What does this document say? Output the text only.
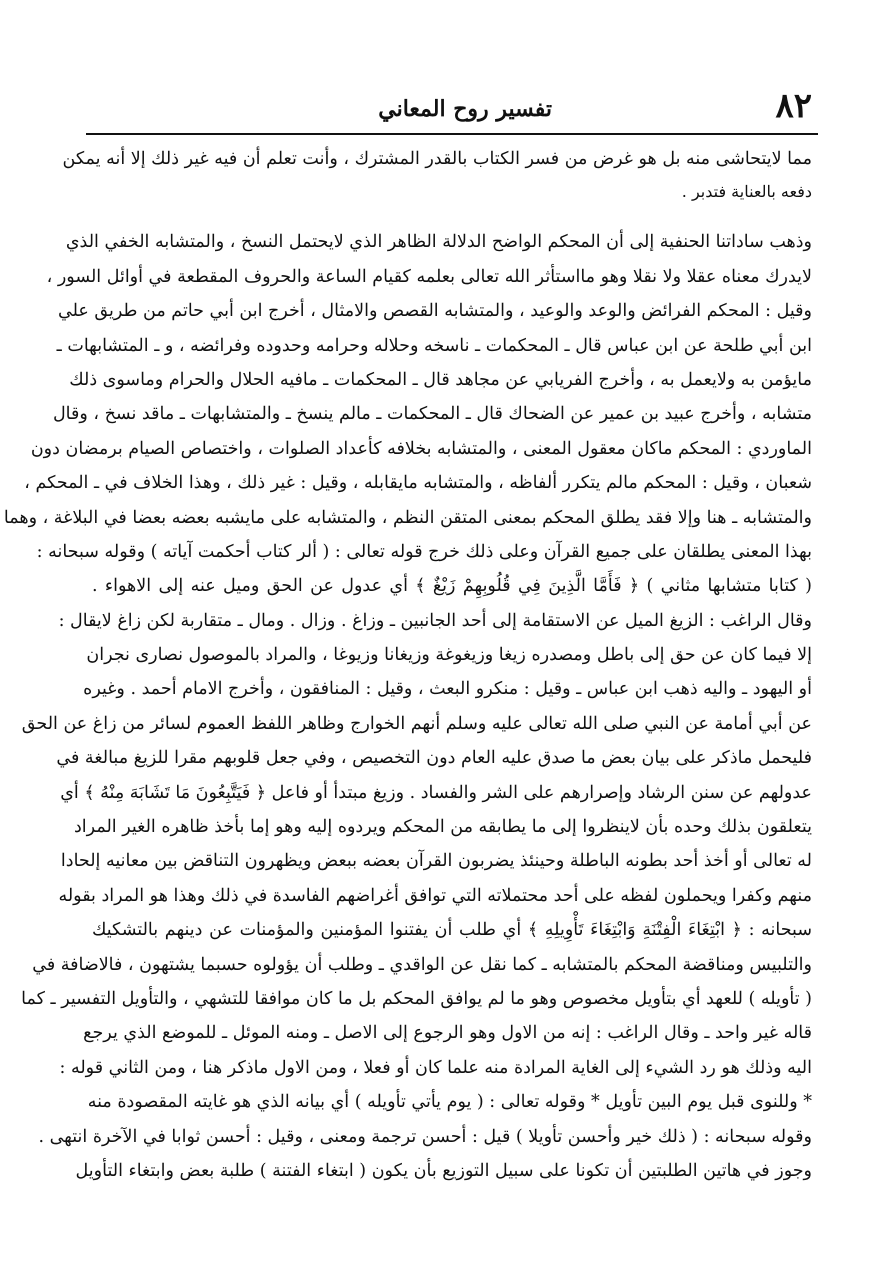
٨٢
تفسير روح المعاني
مما لايتحاشى منه بل هو غرض من فسر الكتاب بالقدر المشترك ، وأنت تعلم أن فيه غير ذلك إلا أنه يمكن
دفعه بالعناية فتدبر .
وذهب ساداتنا الحنفية إلى أن المحكم الواضح الدلالة الظاهر الذي لايحتمل النسخ ، والمتشابه الخفي الذي
لايدرك معناه عقلا ولا نقلا وهو مااستأثر الله تعالى بعلمه كقيام الساعة والحروف المقطعة في أوائل السور ،
وقيل : المحكم الفرائض والوعد والوعيد ، والمتشابه القصص والامثال ، أخرج ابن أبي حاتم من طريق علي
ابن أبي طلحة عن ابن عباس قال ـ المحكمات ـ ناسخه وحلاله وحرامه وحدوده وفرائضه ، و ـ المتشابهات ـ
مايؤمن به ولايعمل به ، وأخرج الفريابي عن مجاهد قال ـ المحكمات ـ مافيه الحلال والحرام وماسوى ذلك
متشابه ، وأخرج عبيد بن عمير عن الضحاك قال ـ المحكمات ـ مالم ينسخ ـ والمتشابهات ـ ماقد نسخ ، وقال
الماوردي : المحكم ماكان معقول المعنى ، والمتشابه بخلافه كأعداد الصلوات ، واختصاص الصيام برمضان دون
شعبان ، وقيل : المحكم مالم يتكرر ألفاظه ، والمتشابه مايقابله ، وقيل : غير ذلك ، وهذا الخلاف في ـ المحكم ،
والمتشابه ـ هنا وإلا فقد يطلق المحكم بمعنى المتقن النظم ، والمتشابه على مايشبه بعضه بعضا في البلاغة ، وهما
بهذا المعنى يطلقان على جميع القرآن وعلى ذلك خرج قوله تعالى : ( ألر كتاب أحكمت آياته ) وقوله سبحانه :
( كتابا متشابها مثاني ) ﴿ فَأَمَّا الَّذِينَ فِي قُلُوبِهِمْ زَيْغٌ ﴾ أي عدول عن الحق وميل عنه إلى الاهواء .
وقال الراغب : الزيغ الميل عن الاستقامة إلى أحد الجانبين ـ وزاغ . وزال . ومال ـ متقاربة لكن زاغ لايقال :
إلا فيما كان عن حق إلى باطل ومصدره زيغا وزيغوغة وزيغانا وزيوغا ، والمراد بالموصول نصارى نجران
أو اليهود ـ واليه ذهب ابن عباس ـ وقيل : منكرو البعث ، وقيل : المنافقون ، وأخرج الامام أحمد . وغيره
عن أبي أمامة عن النبي صلى الله تعالى عليه وسلم أنهم الخوارج وظاهر اللفظ العموم لسائر من زاغ عن الحق
فليحمل ماذكر على بيان بعض ما صدق عليه العام دون التخصيص ، وفي جعل قلوبهم مقرا للزيغ مبالغة في
عدولهم عن سنن الرشاد وإصرارهم على الشر والفساد . وزيغ مبتدأ أو فاعل ﴿ فَيَتَّبِعُونَ مَا تَشَابَهَ مِنْهُ ﴾ أي
يتعلقون بذلك وحده بأن لاينظروا إلى ما يطابقه من المحكم ويردوه إليه وهو إما بأخذ ظاهره الغير المراد
له تعالى أو أخذ أحد بطونه الباطلة وحينئذ يضربون القرآن بعضه ببعض ويظهرون التناقض بين معانيه إلحادا
منهم وكفرا ويحملون لفظه على أحد محتملاته التي توافق أغراضهم الفاسدة في ذلك وهذا هو المراد بقوله
سبحانه : ﴿ ابْتِغَاءَ الْفِتْنَةِ وَابْتِغَاءَ تَأْوِيلِهِ ﴾ أي طلب أن يفتنوا المؤمنين والمؤمنات عن دينهم بالتشكيك
والتلبيس ومناقضة المحكم بالمتشابه ـ كما نقل عن الواقدي ـ وطلب أن يؤولوه حسبما يشتهون ، فالاضافة في
( تأويله ) للعهد أي بتأويل مخصوص وهو ما لم يوافق المحكم بل ما كان موافقا للتشهي ، والتأويل التفسير ـ كما
قاله غير واحد ـ وقال الراغب : إنه من الاول وهو الرجوع إلى الاصل ـ ومنه الموئل ـ للموضع الذي يرجع
اليه وذلك هو رد الشيء إلى الغاية المرادة منه علما كان أو فعلا ، ومن الاول ماذكر هنا ، ومن الثاني قوله :
* وللنوى قبل يوم البين تأويل * وقوله تعالى : ( يوم يأتي تأويله ) أي بيانه الذي هو غايته المقصودة منه
وقوله سبحانه : ( ذلك خير وأحسن تأويلا ) قيل : أحسن ترجمة ومعنى ، وقيل : أحسن ثوابا في الآخرة انتهى .
وجوز في هاتين الطلبتين أن تكونا على سبيل التوزيع بأن يكون ( ابتغاء الفتنة ) طلبة بعض وابتغاء التأويل
